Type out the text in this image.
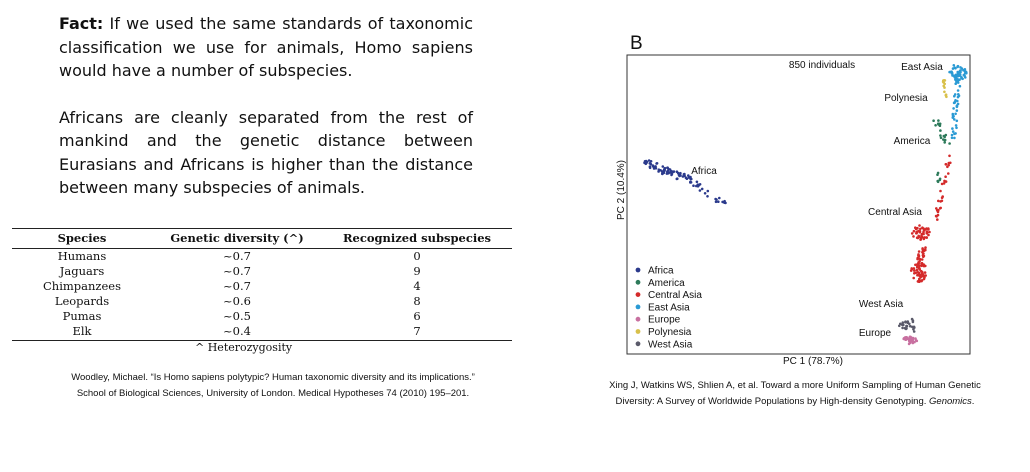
Fact: If we used the same standards of taxonomic classification we use for animals, Homo sapiens would have a number of subspecies.

Africans are cleanly separated from the rest of mankind and the genetic distance between Eurasians and Africans is higher than the distance between many subspecies of animals.

Species	Genetic diversity (^)	Recognized subspecies
Humans	~0.7	0
Jaguars	~0.7	9
Chimpanzees	~0.7	4
Leopards	~0.6	8
Pumas	~0.5	6
Elk	~0.4	7
^ Heterozygosity
Woodley, Michael. “Is Homo sapiens polytypic? Human taxonomic diversity and its implications.”
School of Biological Sciences, University of London. Medical Hypotheses 74 (2010) 195–201.
Xing J, Watkins WS, Shlien A, et al. Toward a more Uniform Sampling of Human Genetic
Diversity: A Survey of Worldwide Populations by High-density Genotyping. Genomics.
B
850 individuals	East Asia
Polynesia
America
Africa
Central Asia
West Asia
Europe
PC 1 (78.7%)
PC 2 (10.4%)
Africa
America
Central Asia
East Asia
Europe
Polynesia
West Asia
